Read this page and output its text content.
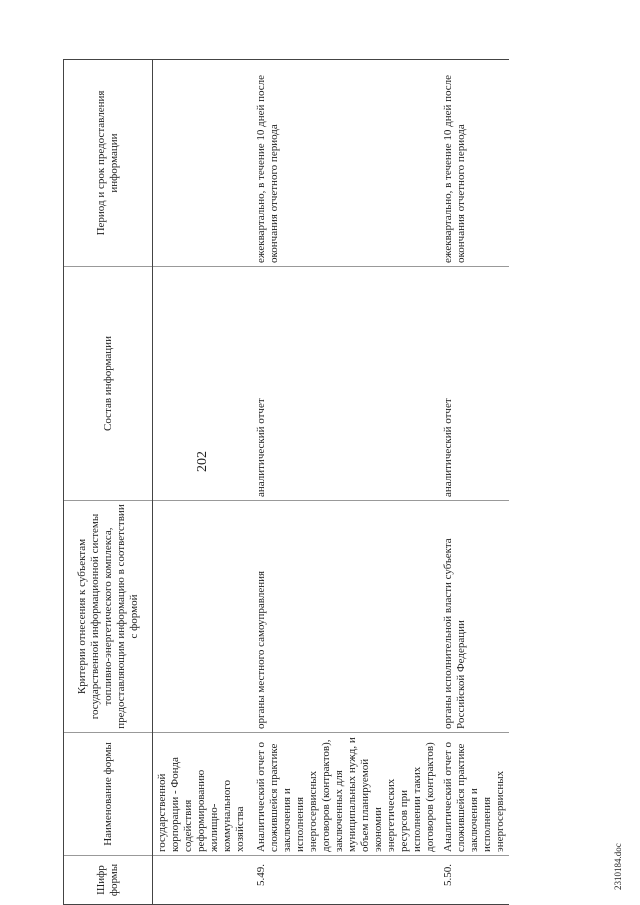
202
Шифр формы	Наименование формы	Критерии отнесения к субъектам государственной информационной системы топливно-энергетического комплекса, предоставляющим информацию в соответствии с формой	Состав информации	Период и срок предоставления информации
	государственной корпорации - Фонда содействия реформированию жилищно-коммунального хозяйства			
5.49.	Аналитический отчет о сложившейся практике заключения и исполнения энергосервисных договоров (контрактов), заключенных для муниципальных нужд, и объем планируемой экономии энергетических ресурсов при исполнении таких договоров (контрактов)	органы местного самоуправления	аналитический отчет	ежеквартально, в течение 10 дней после окончания отчетного периода
5.50.	Аналитический отчет о сложившейся практике заключения и исполнения энергосервисных	органы исполнительной власти субъекта Российской Федерации	аналитический отчет	ежеквартально, в течение 10 дней после окончания отчетного периода
2310184.doc
